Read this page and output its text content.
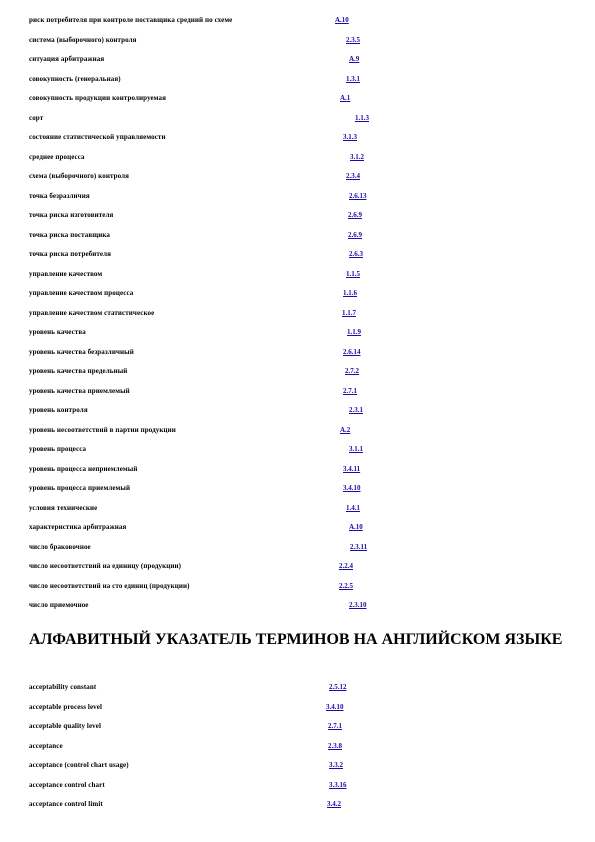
риск потребителя при контроле поставщика средний по схеме	А.10
система (выборочного) контроля	2.3.5
ситуация арбитражная	А.9
совокупность (генеральная)	1.3.1
совокупность продукции контролируемая	А.1
сорт	1.1.3
состояние статистической управляемости	3.1.3
среднее процесса	3.1.2
схема (выборочного) контроля	2.3.4
точка безразличия	2.6.13
точка риска изготовителя	2.6.9
точка риска поставщика	2.6.9
точка риска потребителя	2.6.3
управление качеством	1.1.5
управление качеством процесса	1.1.6
управление качеством статистическое	1.1.7
уровень качества	1.1.9
уровень качества безразличный	2.6.14
уровень качества предельный	2.7.2
уровень качества приемлемый	2.7.1
уровень контроля	2.3.1
уровень несоответствий в партии продукции	А.2
уровень процесса	3.1.1
уровень процесса неприемлемый	3.4.11
уровень процесса приемлемый	3.4.10
условия технические	1.4.1
характеристика арбитражная	А.10
число браковочное	2.3.11
число несоответствий на единицу (продукции)	2.2.4
число несоответствий на сто единиц (продукции)	2.2.5
число приемочное	2.3.10
АЛФАВИТНЫЙ УКАЗАТЕЛЬ ТЕРМИНОВ НА АНГЛИЙСКОМ ЯЗЫКЕ
acceptability constant	2.5.12
acceptable process level	3.4.10
acceptable quality level	2.7.1
acceptance	2.3.8
acceptance (control chart usage)	3.3.2
acceptance control chart	3.3.16
acceptance control limit	3.4.2
